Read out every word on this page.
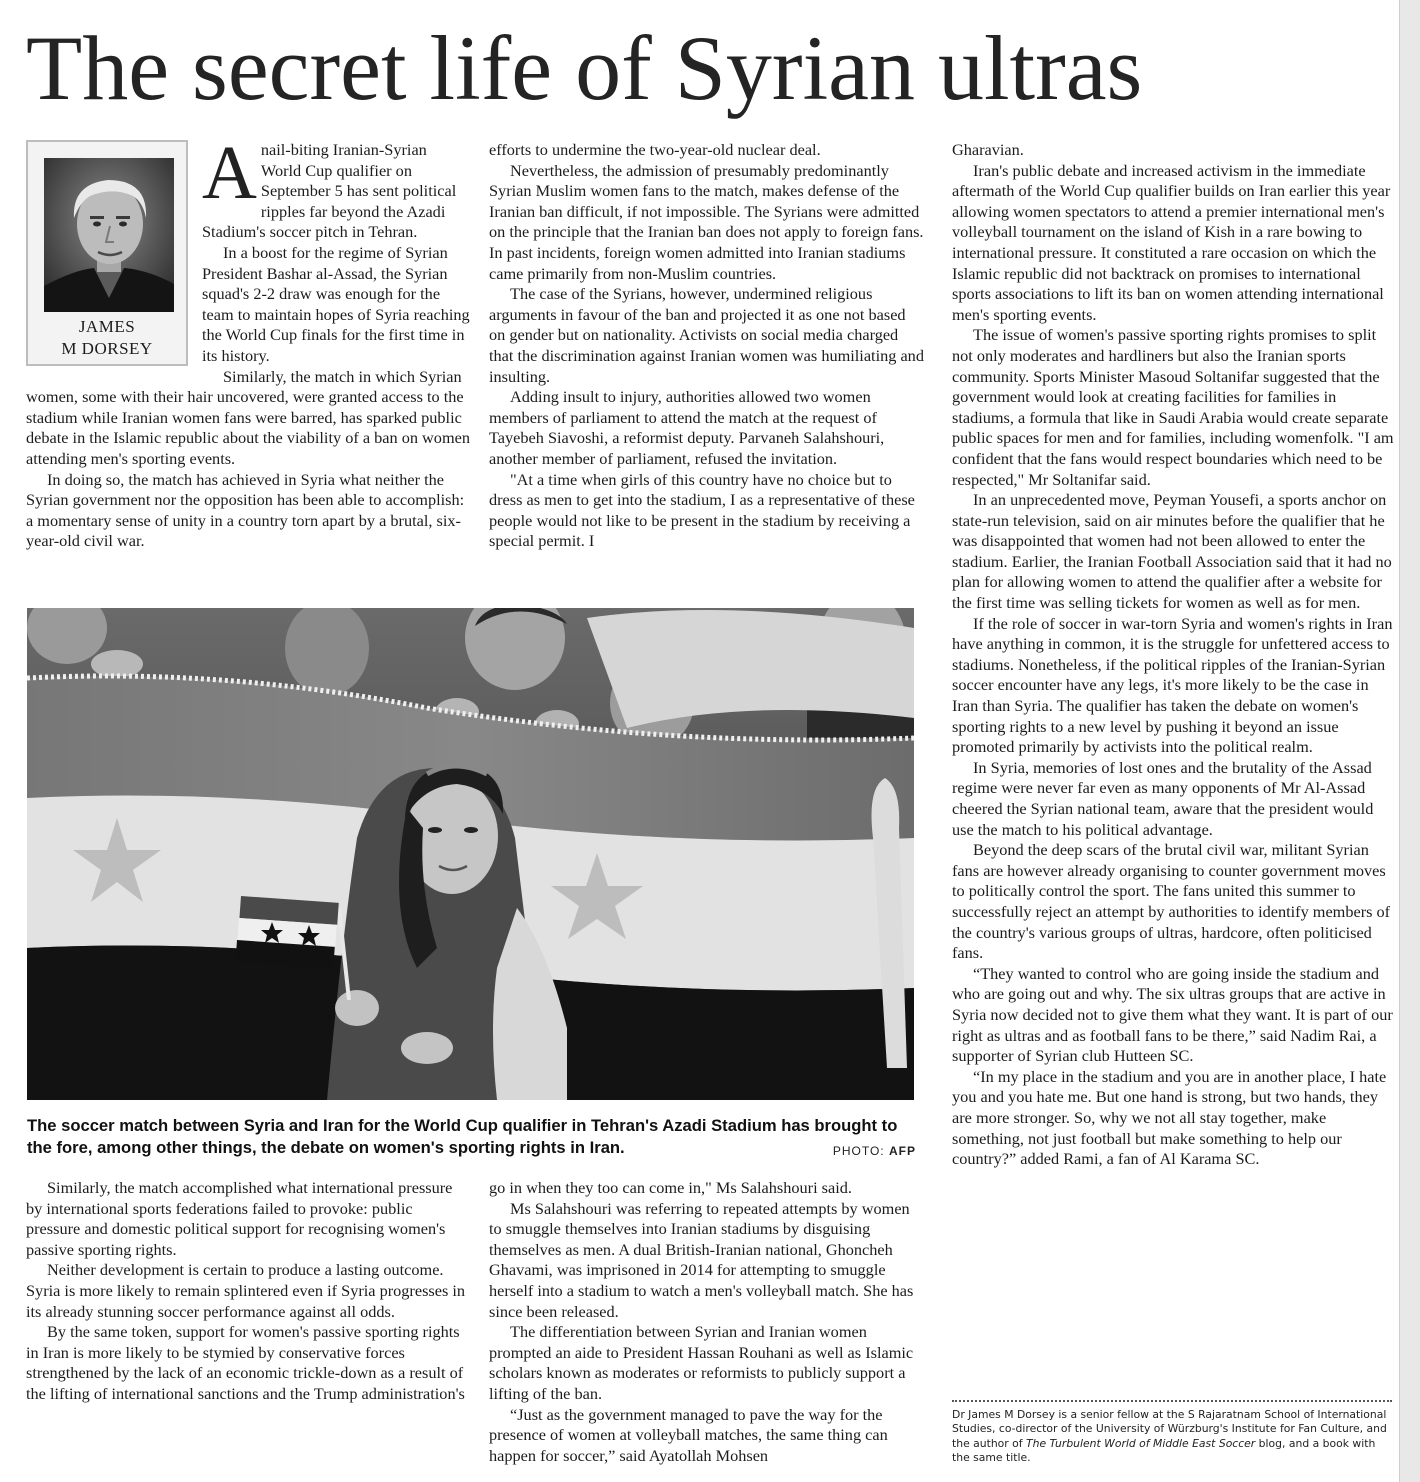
The secret life of Syrian ultras
JAMES
M DORSEY

Anail-biting Iranian-Syrian World Cup qualifier on September 5 has sent political ripples far beyond the Azadi Stadium's soccer pitch in Tehran.

In a boost for the regime of Syrian President Bashar al-Assad, the Syrian squad's 2-2 draw was enough for the team to maintain hopes of Syria reaching the World Cup finals for the first time in its history.

Similarly, the match in which Syrian women, some with their hair uncovered, were granted access to the stadium while Iranian women fans were barred, has sparked public debate in the Islamic republic about the viability of a ban on women attending men's sporting events.

In doing so, the match has achieved in Syria what neither the Syrian government nor the opposition has been able to accomplish: a momentary sense of unity in a country torn apart by a brutal, six-year-old civil war.

efforts to undermine the two-year-old nuclear deal.

Nevertheless, the admission of presumably predominantly Syrian Muslim women fans to the match, makes defense of the Iranian ban difficult, if not impossible. The Syrians were admitted on the principle that the Iranian ban does not apply to foreign fans. In past incidents, foreign women admitted into Iranian stadiums came primarily from non-Muslim countries.

The case of the Syrians, however, undermined religious arguments in favour of the ban and projected it as one not based on gender but on nationality. Activists on social media charged that the discrimination against Iranian women was humiliating and insulting.

Adding insult to injury, authorities allowed two women members of parliament to attend the match at the request of Tayebeh Siavoshi, a reformist deputy. Parvaneh Salahshouri, another member of parliament, refused the invitation.

"At a time when girls of this country have no choice but to dress as men to get into the stadium, I as a representative of these people would not like to be present in the stadium by receiving a special permit. I

Gharavian.

Iran's public debate and increased activism in the immediate aftermath of the World Cup qualifier builds on Iran earlier this year allowing women spectators to attend a premier international men's volleyball tournament on the island of Kish in a rare bowing to international pressure. It constituted a rare occasion on which the Islamic republic did not backtrack on promises to international sports associations to lift its ban on women attending international men's sporting events.

The issue of women's passive sporting rights promises to split not only moderates and hardliners but also the Iranian sports community. Sports Minister Masoud Soltanifar suggested that the government would look at creating facilities for families in stadiums, a formula that like in Saudi Arabia would create separate public spaces for men and for families, including womenfolk. "I am confident that the fans would respect boundaries which need to be respected," Mr Soltanifar said.

In an unprecedented move, Peyman Yousefi, a sports anchor on state-run television, said on air minutes before the qualifier that he was disappointed that women had not been allowed to enter the stadium. Earlier, the Iranian Football Association said that it had no plan for allowing women to attend the qualifier after a website for the first time was selling tickets for women as well as for men.

If the role of soccer in war-torn Syria and women's rights in Iran have anything in common, it is the struggle for unfettered access to stadiums. Nonetheless, if the political ripples of the Iranian-Syrian soccer encounter have any legs, it's more likely to be the case in Iran than Syria. The qualifier has taken the debate on women's sporting rights to a new level by pushing it beyond an issue promoted primarily by activists into the political realm.

In Syria, memories of lost ones and the brutality of the Assad regime were never far even as many opponents of Mr Al-Assad cheered the Syrian national team, aware that the president would use the match to his political advantage.

Beyond the deep scars of the brutal civil war, militant Syrian fans are however already organising to counter government moves to politically control the sport. The fans united this summer to successfully reject an attempt by authorities to identify members of the country's various groups of ultras, hardcore, often politicised fans.

“They wanted to control who are going inside the stadium and who are going out and why. The six ultras groups that are active in Syria now decided not to give them what they want. It is part of our right as ultras and as football fans to be there,” said Nadim Rai, a supporter of Syrian club Hutteen SC.

“In my place in the stadium and you are in another place, I hate you and you hate me. But one hand is strong, but two hands, they are more stronger. So, why we not all stay together, make something, not just football but make something to help our country?” added Rami, a fan of Al Karama SC.

The soccer match between Syria and Iran for the World Cup qualifier in Tehran's Azadi Stadium has brought to the fore, among other things, the debate on women's sporting rights in Iran.	PHOTO: AFP

Similarly, the match accomplished what international pressure by international sports federations failed to provoke: public pressure and domestic political support for recognising women's passive sporting rights.

Neither development is certain to produce a lasting outcome. Syria is more likely to remain splintered even if Syria progresses in its already stunning soccer performance against all odds.

By the same token, support for women's passive sporting rights in Iran is more likely to be stymied by conservative forces strengthened by the lack of an economic trickle-down as a result of the lifting of international sanctions and the Trump administration's

go in when they too can come in," Ms Salahshouri said.

Ms Salahshouri was referring to repeated attempts by women to smuggle themselves into Iranian stadiums by disguising themselves as men. A dual British-Iranian national, Ghoncheh Ghavami, was imprisoned in 2014 for attempting to smuggle herself into a stadium to watch a men's volleyball match. She has since been released.

The differentiation between Syrian and Iranian women prompted an aide to President Hassan Rouhani as well as Islamic scholars known as moderates or reformists to publicly support a lifting of the ban.

“Just as the government managed to pave the way for the presence of women at volleyball matches, the same thing can happen for soccer,” said Ayatollah Mohsen

Dr James M Dorsey is a senior fellow at the S Rajaratnam School of International Studies, co-director of the University of Würzburg's Institute for Fan Culture, and the author of The Turbulent World of Middle East Soccer blog, and a book with the same title.
